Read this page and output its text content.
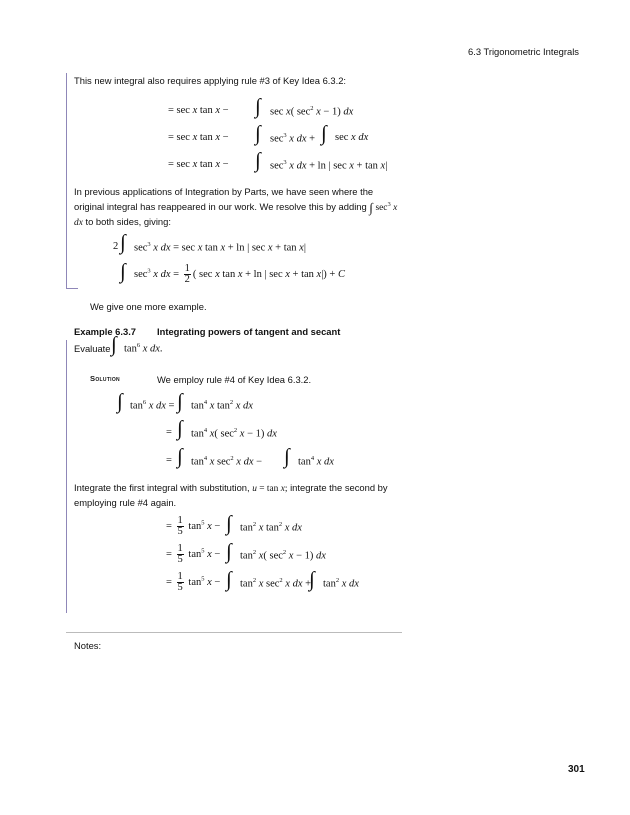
6.3 Trigonometric Integrals
This new integral also requires applying rule #3 of Key Idea 6.3.2:
= sec x tan x − ∫ sec x( $\sec^2 x - 1$) dx
= sec x tan x − ∫ $\sec^3 x$ dx + ∫ sec x dx
= sec x tan x − ∫ $\sec^3 x$ dx + ln | sec x + tan x|
In previous applications of Integration by Parts, we have seen where the original integral has reappeared in our work. We resolve this by adding ∫ $\sec^3 x$ dx to both sides, giving:
2 ∫ $\sec^3 x$ dx = sec x tan x + ln | sec x + tan x|
∫ $\sec^3 x$ dx = $\frac{1}{2}$ ( sec x tan x + ln | sec x + tan x|) + C
We give one more example.
Example 6.3.7 Integrating powers of tangent and secant
Evaluate ∫ $\tan^6 x$ dx.
Solution	We employ rule #4 of Key Idea 6.3.2.
∫ $\tan^6 x$ dx = ∫ $\tan^4 x$ $\tan^2 x$ dx
= ∫ $\tan^4 x$( $\sec^2 x - 1$) dx
= ∫ $\tan^4 x$ $\sec^2 x$ dx − ∫ $\tan^4 x$ dx
Integrate the first integral with substitution, u = tan x; integrate the second by employing rule #4 again.
= $\frac{1}{5} \tan^5 x$ − ∫ $\tan^2 x$ $\tan^2 x$ dx
= $\frac{1}{5} \tan^5 x$ − ∫ $\tan^2 x$( $\sec^2 x - 1$) dx
= $\frac{1}{5} \tan^5 x$ − ∫ $\tan^2 x$ $\sec^2 x$ dx +
∫ $\tan^2 x$ dx
Notes:
301
